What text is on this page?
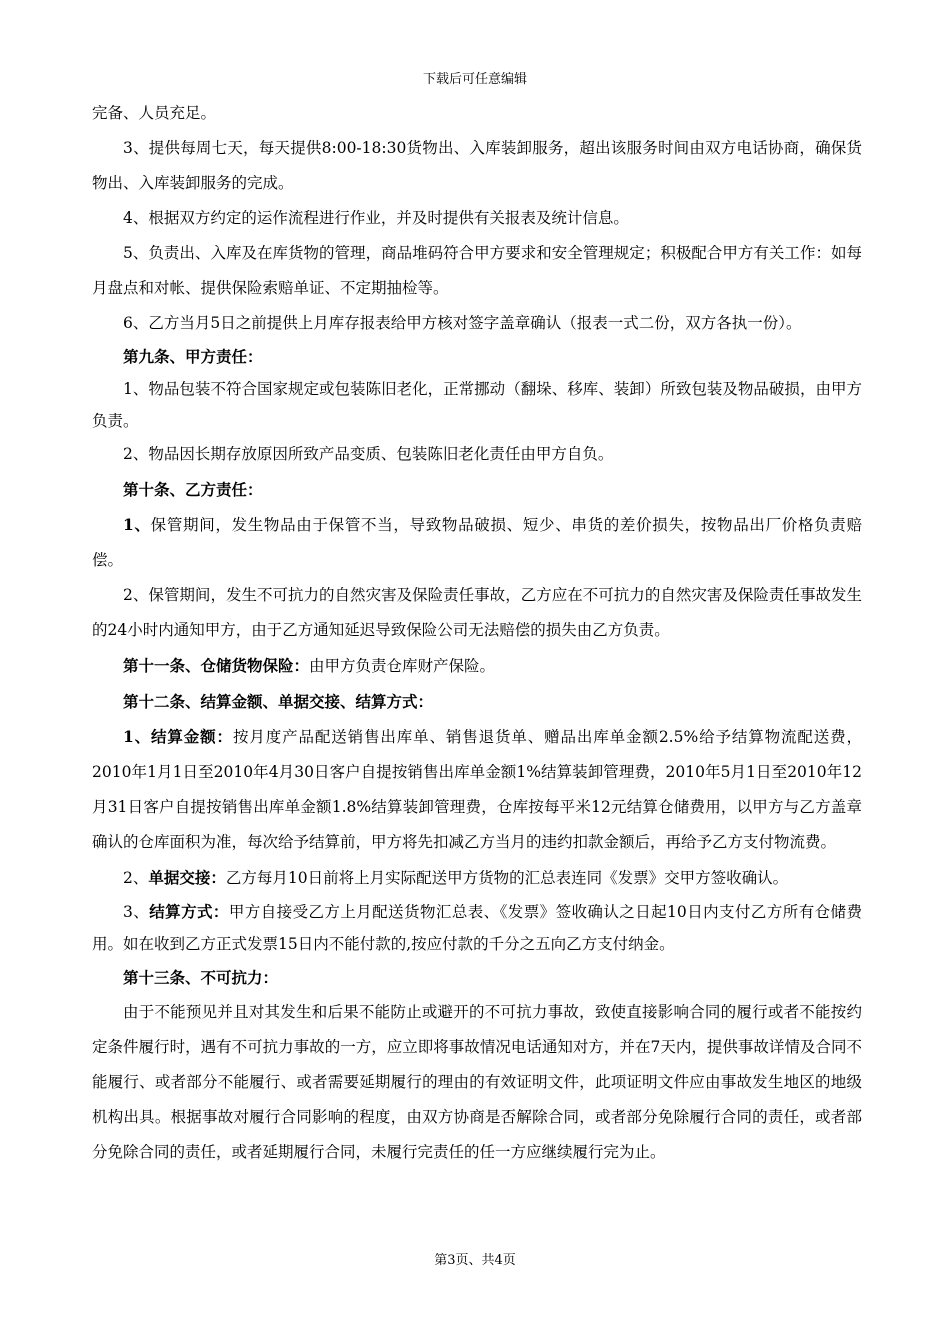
下载后可任意编辑

完备、人员充足。

3、提供每周七天，每天提供8:00-18:30货物出、入库装卸服务，超出该服务时间由双方电话协商，确保货物出、入库装卸服务的完成。

4、根据双方约定的运作流程进行作业，并及时提供有关报表及统计信息。

5、负责出、入库及在库货物的管理，商品堆码符合甲方要求和安全管理规定；积极配合甲方有关工作：如每月盘点和对帐、提供保险索赔单证、不定期抽检等。

6、乙方当月5日之前提供上月库存报表给甲方核对签字盖章确认（报表一式二份，双方各执一份）。

第九条、甲方责任：

1、物品包装不符合国家规定或包装陈旧老化，正常挪动（翻垛、移库、装卸）所致包装及物品破损，由甲方负责。

2、物品因长期存放原因所致产品变质、包装陈旧老化责任由甲方自负。

第十条、乙方责任：

1、保管期间，发生物品由于保管不当，导致物品破损、短少、串货的差价损失，按物品出厂价格负责赔偿。

2、保管期间，发生不可抗力的自然灾害及保险责任事故，乙方应在不可抗力的自然灾害及保险责任事故发生的24小时内通知甲方，由于乙方通知延迟导致保险公司无法赔偿的损失由乙方负责。

第十一条、仓储货物保险：由甲方负责仓库财产保险。

第十二条、结算金额、单据交接、结算方式：

1、结算金额：按月度产品配送销售出库单、销售退货单、赠品出库单金额2.5%给予结算物流配送费，2010年1月1日至2010年4月30日客户自提按销售出库单金额1%结算装卸管理费，2010年5月1日至2010年12月31日客户自提按销售出库单金额1.8%结算装卸管理费，仓库按每平米12元结算仓储费用，以甲方与乙方盖章确认的仓库面积为准，每次给予结算前，甲方将先扣减乙方当月的违约扣款金额后，再给予乙方支付物流费。

2、单据交接：乙方每月10日前将上月实际配送甲方货物的汇总表连同《发票》交甲方签收确认。

3、结算方式：甲方自接受乙方上月配送货物汇总表、《发票》签收确认之日起10日内支付乙方所有仓储费用。如在收到乙方正式发票15日内不能付款的,按应付款的千分之五向乙方支付纳金。

第十三条、不可抗力：

由于不能预见并且对其发生和后果不能防止或避开的不可抗力事故，致使直接影响合同的履行或者不能按约定条件履行时，遇有不可抗力事故的一方，应立即将事故情况电话通知对方，并在7天内，提供事故详情及合同不能履行、或者部分不能履行、或者需要延期履行的理由的有效证明文件，此项证明文件应由事故发生地区的地级机构出具。根据事故对履行合同影响的程度，由双方协商是否解除合同，或者部分免除履行合同的责任，或者部分免除合同的责任，或者延期履行合同，未履行完责任的任一方应继续履行完为止。

第3页、共4页
